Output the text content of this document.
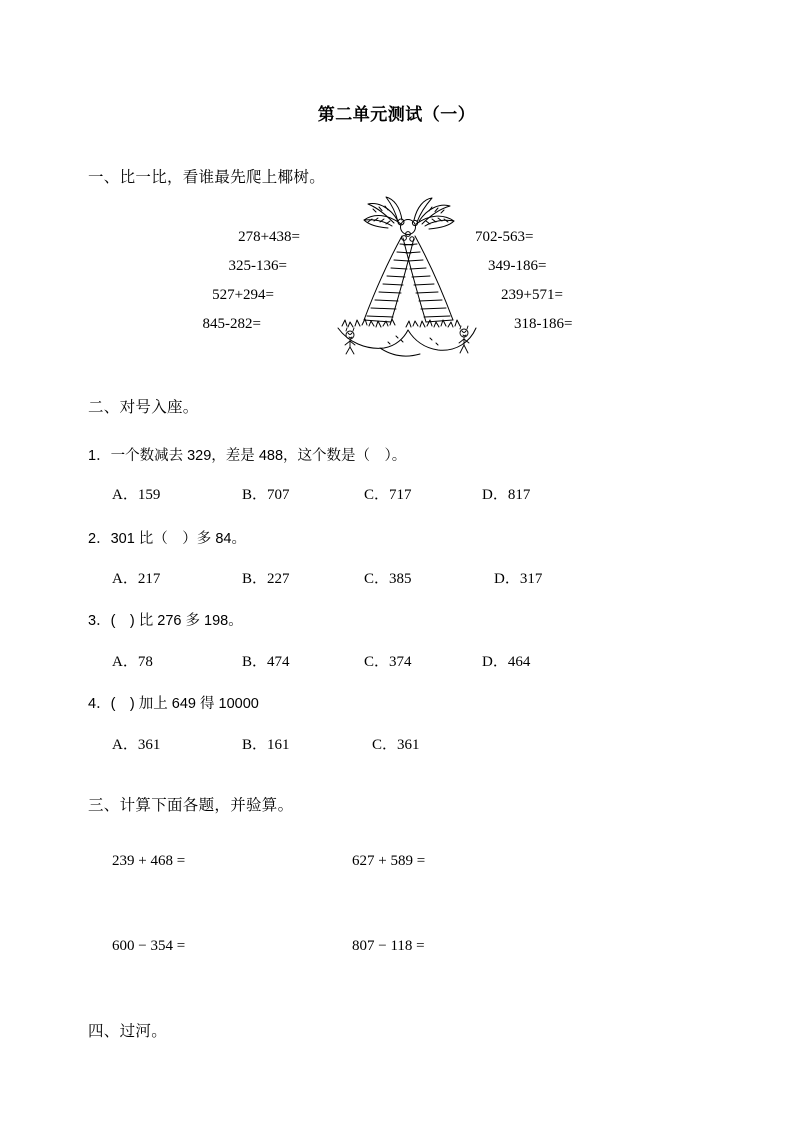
第二单元测试（一）
一、比一比，看谁最先爬上椰树。
278+438=
325-136=
527+294=
845-282=
702-563=
349-186=
239+571=
318-186=
二、对号入座。
1．一个数减去 329，差是 488，这个数是（　）。
A．159	B．707	C．717	D．817
2．301 比（　）多 84。
A．217	B．227	C．385	D．317
3．(　) 比 276 多 198。
A．78	B．474	C．374	D．464
4．(　) 加上 649 得 10000
A．361	B．161	C．361
三、计算下面各题，并验算。
239 + 468 =	627 + 589 =
600 − 354 =	807 − 118 =
四、过河。
